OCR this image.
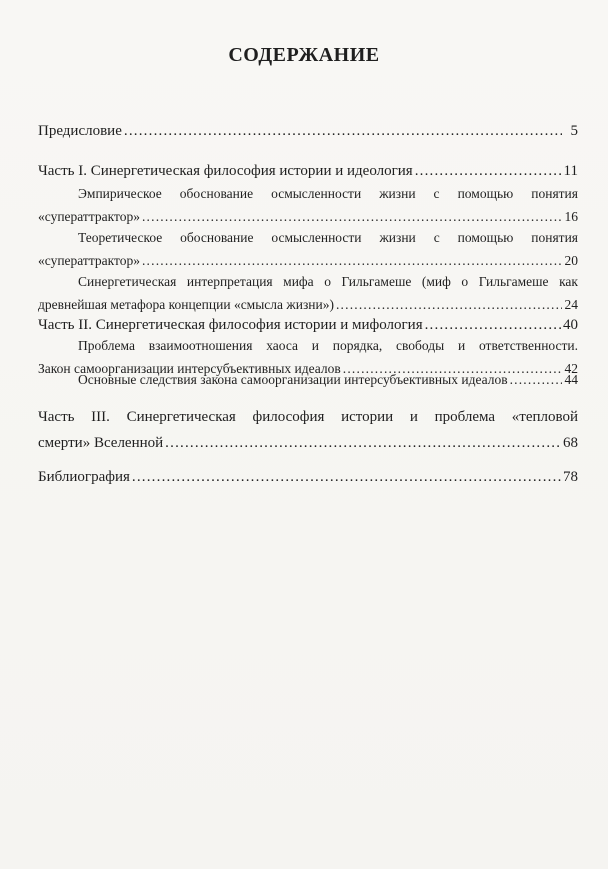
СОДЕРЖАНИЕ
Предисловие .....	5
Часть I. Синергетическая философия истории и идеология .....	11
Эмпирическое обоснование осмысленности жизни с помощью понятия
«суператтрактор» .....	16
Теоретическое обоснование осмысленности жизни с помощью понятия
«суператтрактор» .....	20
Синергетическая интерпретация мифа о Гильгамеше (миф о Гильгамеше как
древнейшая метафора концепции «смысла жизни») .....	24
Часть II. Синергетическая философия истории и мифология .....	40
Проблема взаимоотношения хаоса и порядка, свободы и ответственности.
Закон самоорганизации интерсубъективных идеалов .....	42
Основные следствия закона самоорганизации интерсубъективных идеалов .....	44
Часть III. Синергетическая философия истории и проблема «тепловой
смерти» Вселенной .....	68
Библиография .....	78
